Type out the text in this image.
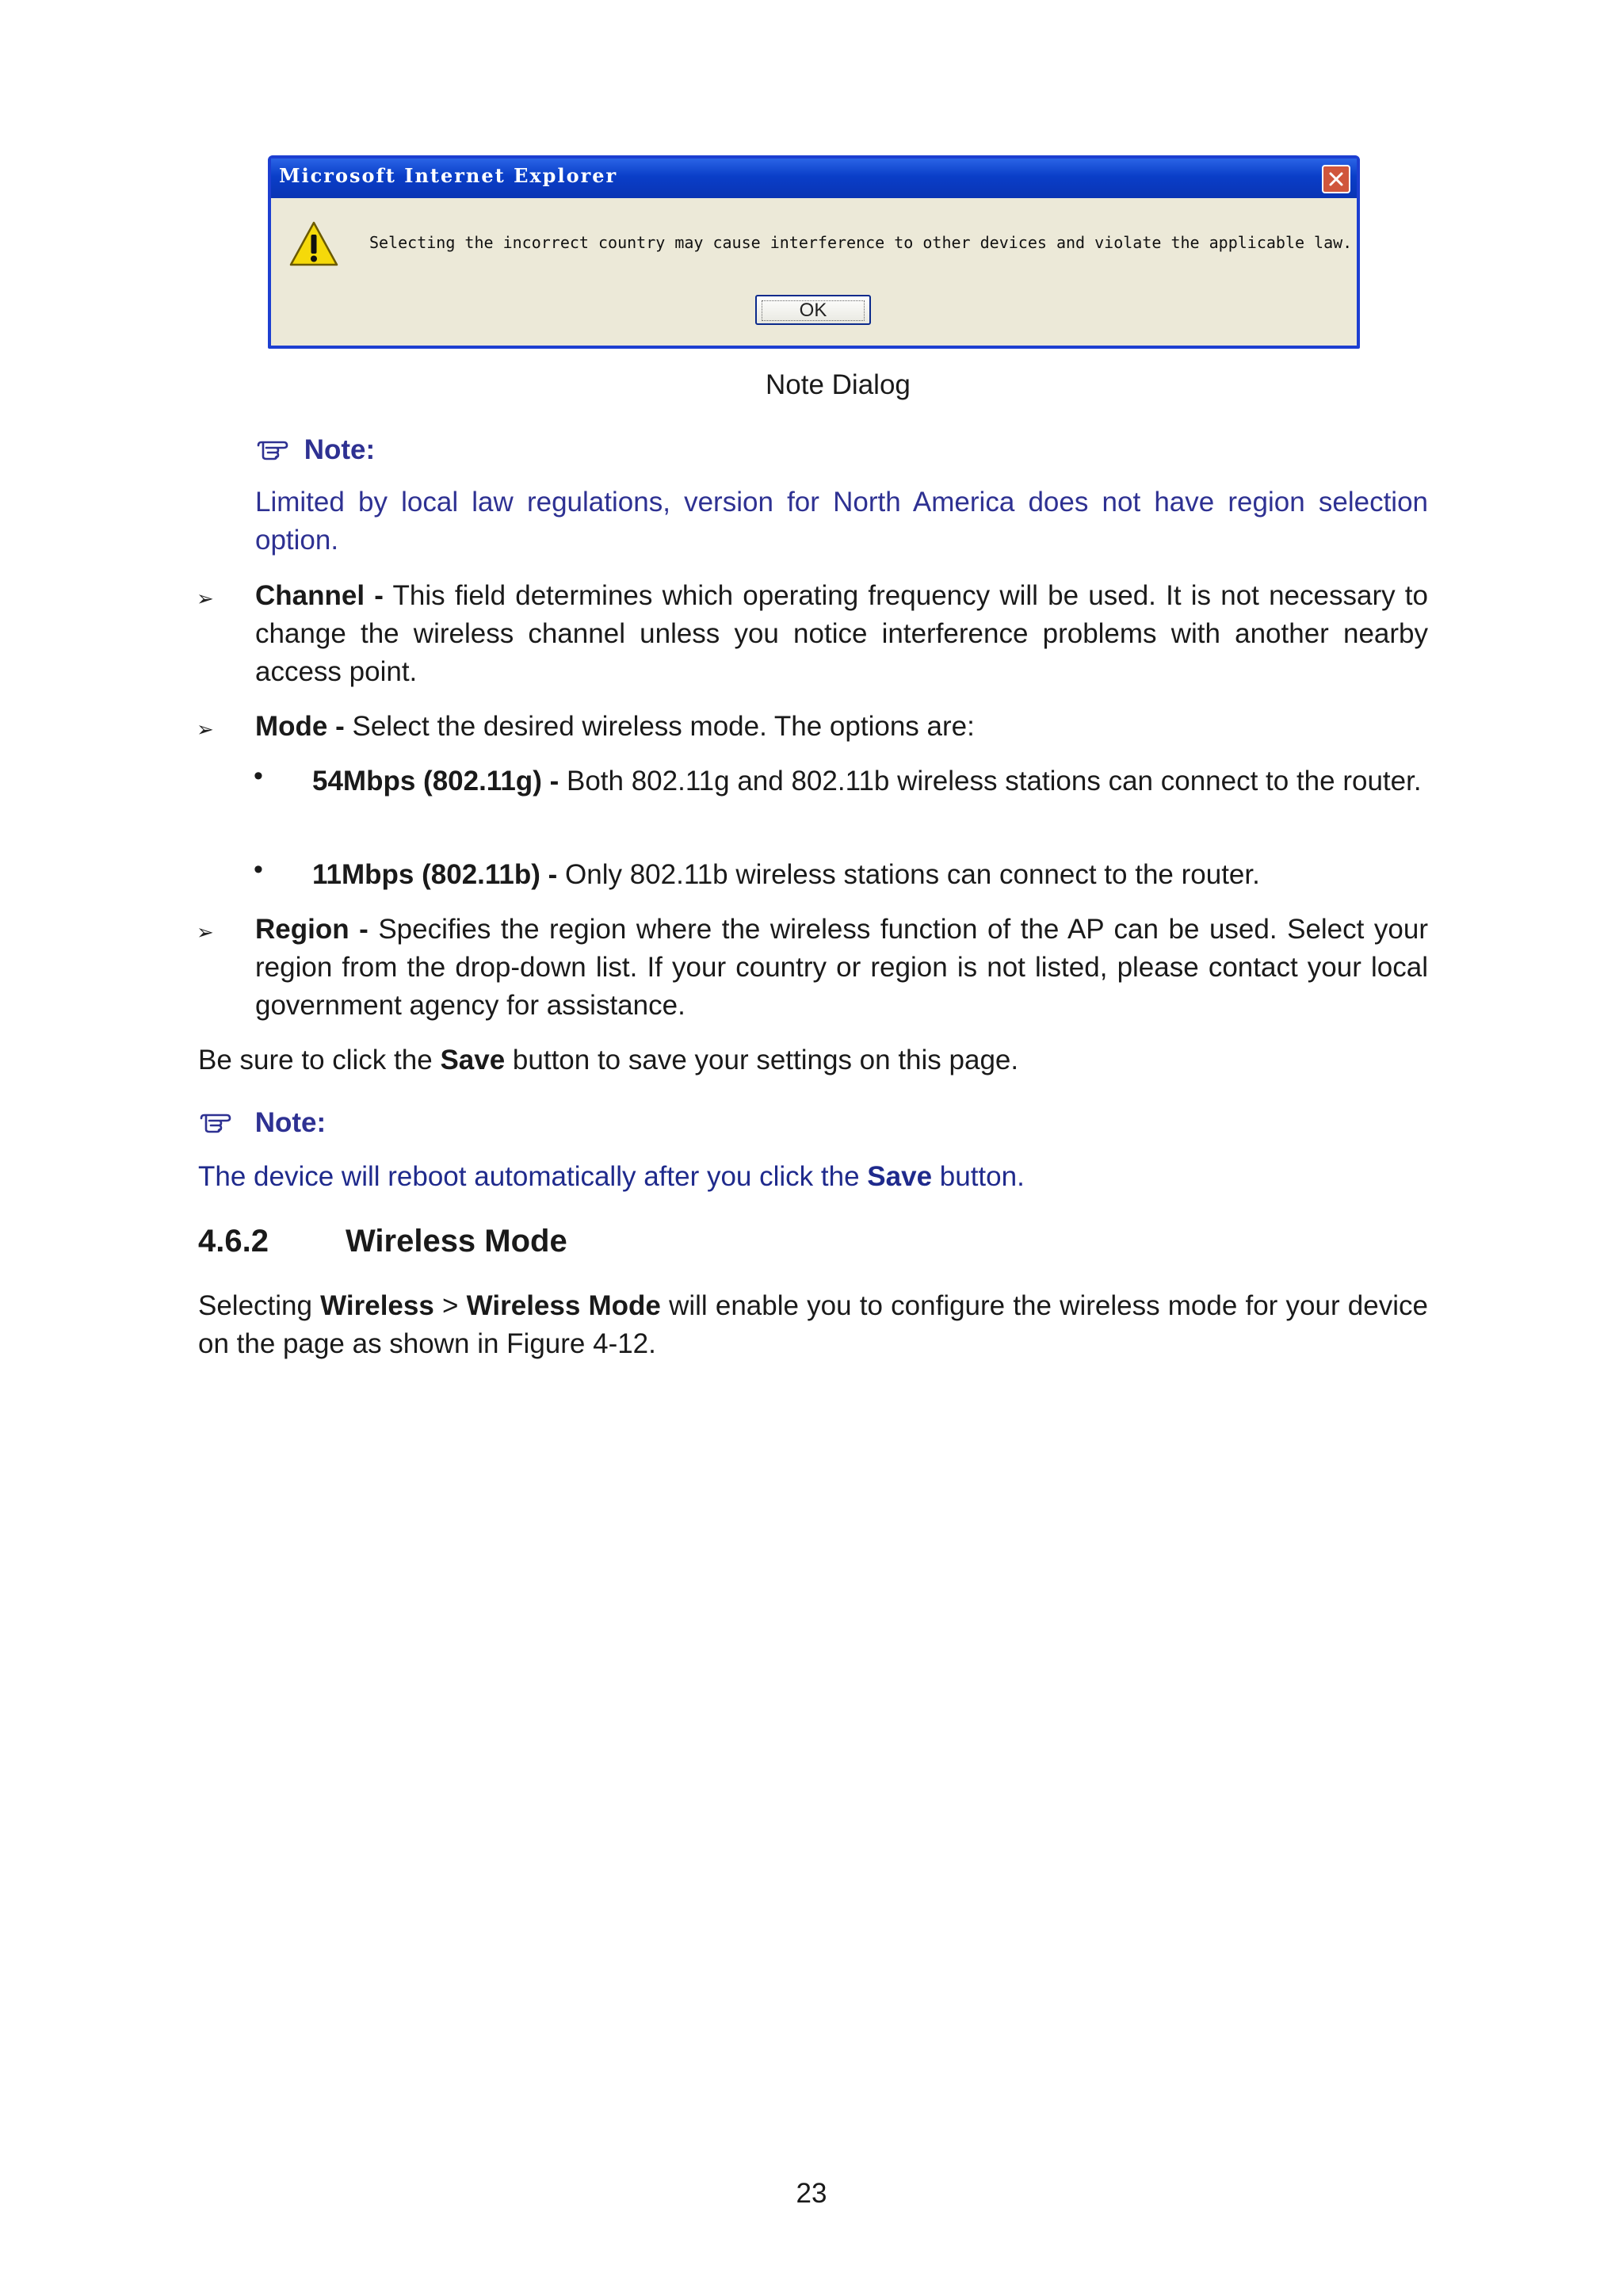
Microsoft Internet Explorer
Selecting the incorrect country may cause interference to other devices and violate the applicable law.
OK
Note Dialog
Note:
Limited by local law regulations, version for North America does not have region selection option.
➢ Channel - This field determines which operating frequency will be used. It is not necessary to change the wireless channel unless you notice interference problems with another nearby access point.
➢ Mode - Select the desired wireless mode. The options are:
• 54Mbps (802.11g) - Both 802.11g and 802.11b wireless stations can connect to the router.
• 11Mbps (802.11b) - Only 802.11b wireless stations can connect to the router.
➢ Region - Specifies the region where the wireless function of the AP can be used. Select your region from the drop-down list. If your country or region is not listed, please contact your local government agency for assistance.
Be sure to click the Save button to save your settings on this page.
Note:
The device will reboot automatically after you click the Save button.
4.6.2 Wireless Mode
Selecting Wireless > Wireless Mode will enable you to configure the wireless mode for your device on the page as shown in Figure 4-12.
23
